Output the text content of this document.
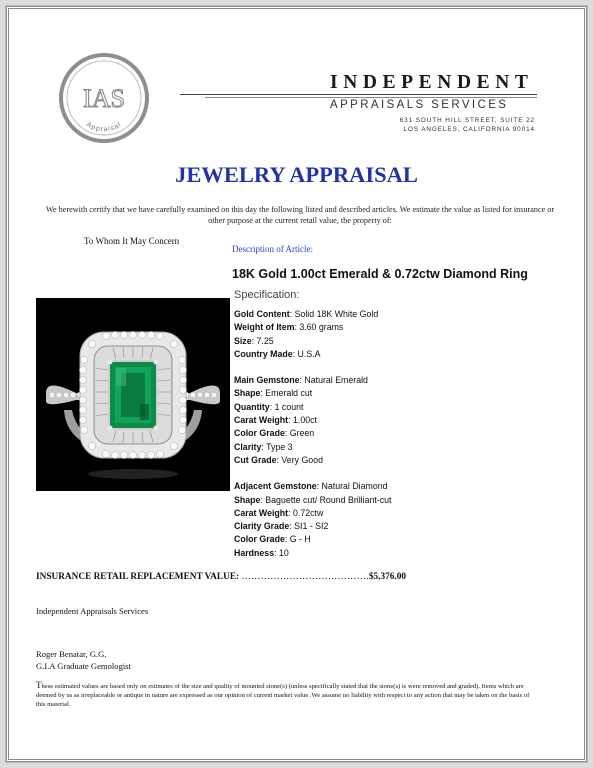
IAS
Appraisal
INDEPENDENT
APPRAISALS SERVICES
631 SOUTH HILL STREET, SUITE 22
LOS ANGELES, CALIFORNIA 90014
JEWELRY APPRAISAL
We herewith certify that we have carefully examined on this day the following listed and described articles. We estimate the value as listed for insurance or other purpose at the current retail value, the property of:
To Whom It May Concern
Description of Article:
18K Gold 1.00ct Emerald & 0.72ctw Diamond Ring
Specification:
Gold Content: Solid 18K White Gold
Weight of Item: 3.60 grams
Size: 7.25
Country Made: U.S.A
Main Gemstone: Natural Emerald
Shape: Emerald cut
Quantity: 1 count
Carat Weight: 1.00ct
Color Grade: Green
Clarity: Type 3
Cut Grade: Very Good
Adjacent Gemstone: Natural Diamond
Shape: Baguette cut/ Round Brilliant-cut
Carat Weight: 0.72ctw
Clarity Grade: SI1 - SI2
Color Grade: G - H
Hardness: 10
INSURANCE RETAIL REPLACEMENT VALUE: ………………………………….$5,376.00
Independent Appraisals Services
Roger Benatar, G.G.
G.I.A Graduate Gemologist
These estimated values are based only on estimates of the size and quality of mounted stone(s) (unless specifically stated that the stone(s) is were removed and graded). Items which are deemed by us as irreplaceable or antique in nature are expressed as our opinion of current market value .We assume no liability with respect to any action that may be taken on the basis of this material.
